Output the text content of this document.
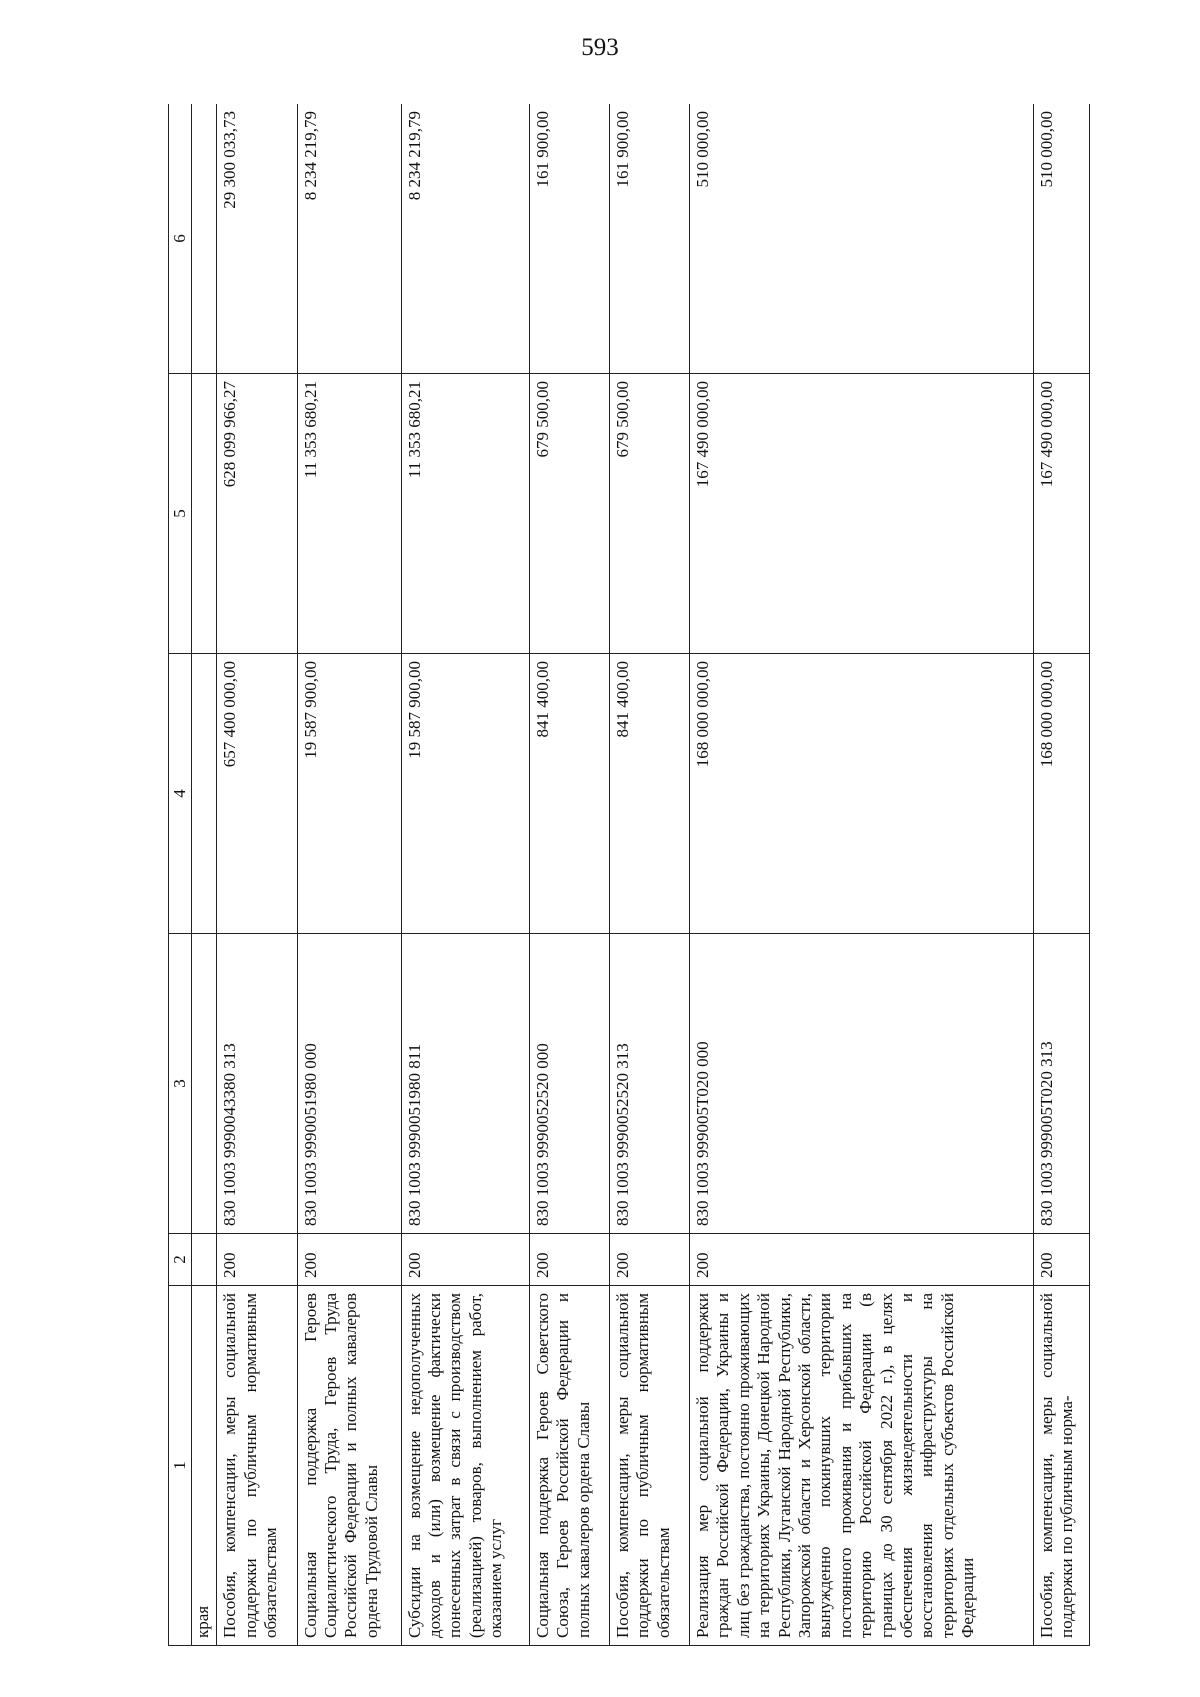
593
1	2	3	4	5	6
края					
Пособия, компенсации, меры социальной поддержки по публичным нормативным обязательствам	200	830 1003 9990043380 313	657 400 000,00	628 099 966,27	29 300 033,73
Социальная поддержка Героев Социалистического Труда, Героев Труда Российской Федерации и полных кавалеров ордена Трудовой Славы	200	830 1003 9990051980 000	19 587 900,00	11 353 680,21	8 234 219,79
Субсидии на возмещение недополученных доходов и (или) возмещение фактически понесенных затрат в связи с производством (реализацией) товаров, выполнением работ, оказанием услуг	200	830 1003 9990051980 811	19 587 900,00	11 353 680,21	8 234 219,79
Социальная поддержка Героев Советского Союза, Героев Российской Федерации и полных кавалеров ордена Славы	200	830 1003 9990052520 000	841 400,00	679 500,00	161 900,00
Пособия, компенсации, меры социальной поддержки по публичным нормативным обязательствам	200	830 1003 9990052520 313	841 400,00	679 500,00	161 900,00
Реализация мер социальной поддержки граждан Российской Федерации, Украины и лиц без гражданства, постоянно проживающих на территориях Украины, Донецкой Народной Республики, Луганской Народной Республики, Запорожской области и Херсонской области, вынужденно покинувших территории постоянного проживания и прибывших на территорию Российской Федерации (в границах до 30 сентября 2022 г.), в целях обеспечения жизнедеятельности и восстановления инфраструктуры на территориях отдельных субъектов Российской Федерации	200	830 1003 999005Т020 000	168 000 000,00	167 490 000,00	510 000,00
Пособия, компенсации, меры социальной поддержки по публичным норма-	200	830 1003 999005Т020 313	168 000 000,00	167 490 000,00	510 000,00
